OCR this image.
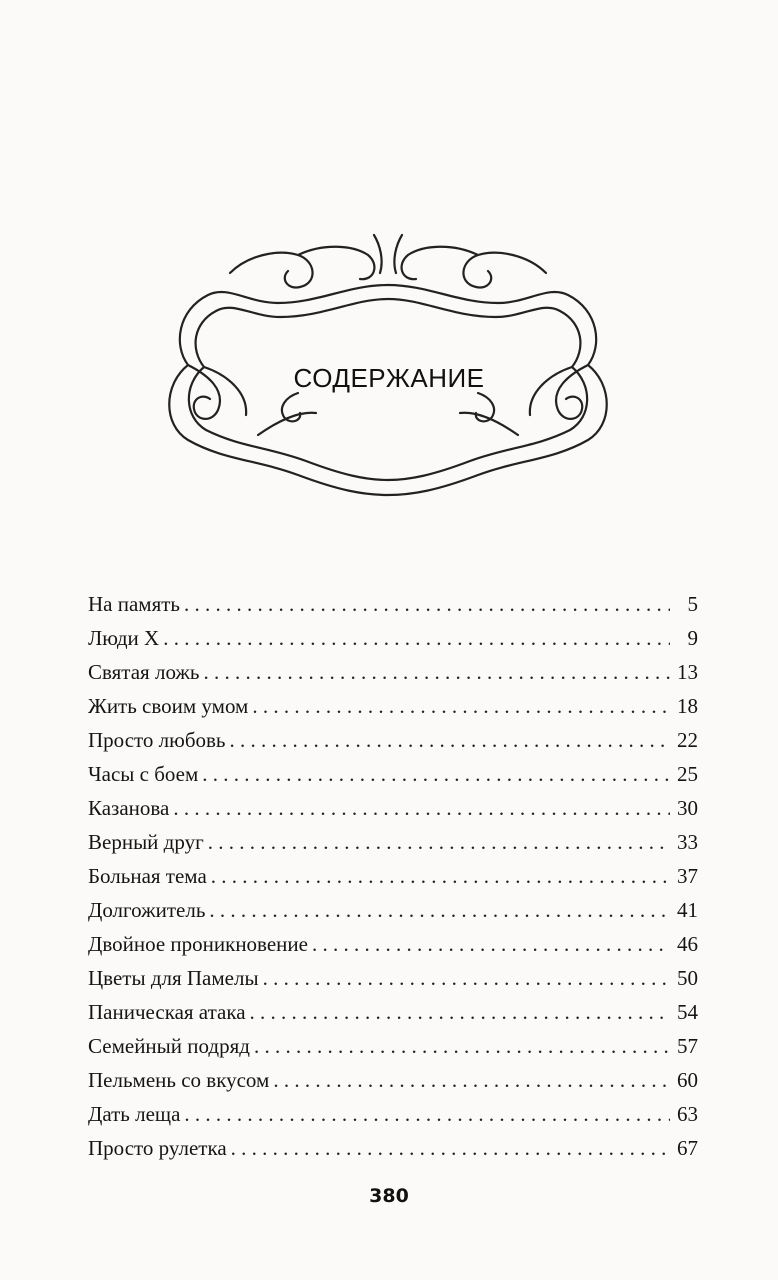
СОДЕРЖАНИЕ
На память . . .	5
Люди X . . .	9
Святая ложь . . .	13
Жить своим умом . . .	18
Просто любовь . . .	22
Часы с боем . . .	25
Казанова . . .	30
Верный друг . . .	33
Больная тема . . .	37
Долгожитель . . .	41
Двойное проникновение . . .	46
Цветы для Памелы . . .	50
Паническая атака . . .	54
Семейный подряд . . .	57
Пельмень со вкусом . . .	60
Дать леща . . .	63
Просто рулетка . . .	67
380
